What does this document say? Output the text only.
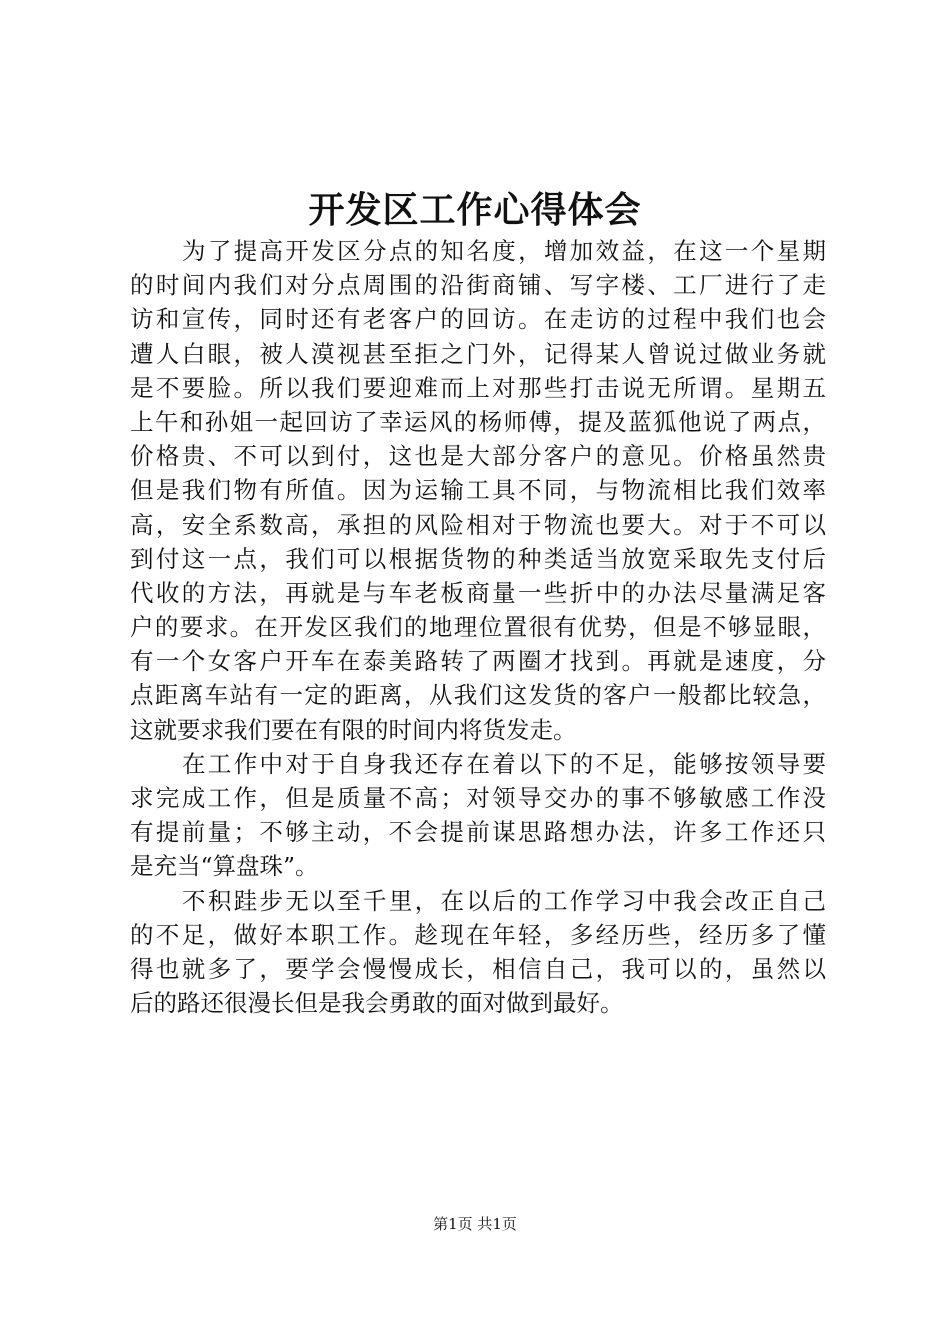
开发区工作心得体会
为了提高开发区分点的知名度，增加效益，在这一个星期
的时间内我们对分点周围的沿街商铺、写字楼、工厂进行了走
访和宣传，同时还有老客户的回访。在走访的过程中我们也会
遭人白眼，被人漠视甚至拒之门外，记得某人曾说过做业务就
是不要脸。所以我们要迎难而上对那些打击说无所谓。星期五
上午和孙姐一起回访了幸运风的杨师傅，提及蓝狐他说了两点，
价格贵、不可以到付，这也是大部分客户的意见。价格虽然贵
但是我们物有所值。因为运输工具不同，与物流相比我们效率
高，安全系数高，承担的风险相对于物流也要大。对于不可以
到付这一点，我们可以根据货物的种类适当放宽采取先支付后
代收的方法，再就是与车老板商量一些折中的办法尽量满足客
户的要求。在开发区我们的地理位置很有优势，但是不够显眼，
有一个女客户开车在泰美路转了两圈才找到。再就是速度，分
点距离车站有一定的距离，从我们这发货的客户一般都比较急，
这就要求我们要在有限的时间内将货发走。
在工作中对于自身我还存在着以下的不足，能够按领导要
求完成工作，但是质量不高；对领导交办的事不够敏感工作没
有提前量；不够主动，不会提前谋思路想办法，许多工作还只
是充当“算盘珠”。
不积跬步无以至千里，在以后的工作学习中我会改正自己
的不足，做好本职工作。趁现在年轻，多经历些，经历多了懂
得也就多了，要学会慢慢成长，相信自己，我可以的，虽然以
后的路还很漫长但是我会勇敢的面对做到最好。
第1页 共1页
